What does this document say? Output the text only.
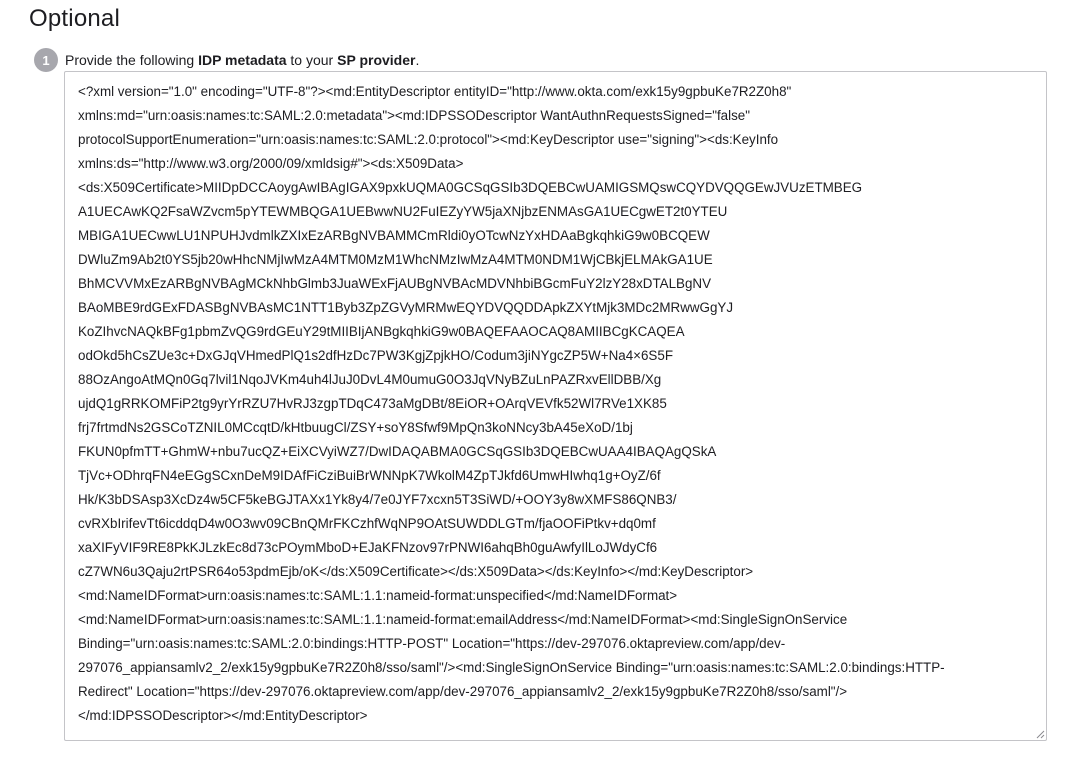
Optional
1	Provide the following IDP metadata to your SP provider.
<?xml version="1.0" encoding="UTF-8"?><md:EntityDescriptor entityID="http://www.okta.com/exk15y9gpbuKe7R2Z0h8"
xmlns:md="urn:oasis:names:tc:SAML:2.0:metadata"><md:IDPSSODescriptor WantAuthnRequestsSigned="false"
protocolSupportEnumeration="urn:oasis:names:tc:SAML:2.0:protocol"><md:KeyDescriptor use="signing"><ds:KeyInfo
xmlns:ds="http://www.w3.org/2000/09/xmldsig#"><ds:X509Data>
<ds:X509Certificate>MIIDpDCCAoygAwIBAgIGAX9pxkUQMA0GCSqGSIb3DQEBCwUAMIGSMQswCQYDVQQGEwJVUzETMBEG
A1UECAwKQ2FsaWZvcm5pYTEWMBQGA1UEBwwNU2FuIEZyYW5jaXNjbzENMAsGA1UECgwET2t0YTEU
MBIGA1UECwwLU1NPUHJvdmlkZXIxEzARBgNVBAMMCmRldi0yOTcwNzYxHDAaBgkqhkiG9w0BCQEW
DWluZm9Ab2t0YS5jb20wHhcNMjIwMzA4MTM0MzM1WhcNMzIwMzA4MTM0NDM1WjCBkjELMAkGA1UE
BhMCVVMxEzARBgNVBAgMCkNhbGlmb3JuaWExFjAUBgNVBAcMDVNhbiBGcmFuY2lzY28xDTALBgNV
BAoMBE9rdGExFDASBgNVBAsMC1NTT1Byb3ZpZGVyMRMwEQYDVQQDDApkZXYtMjk3MDc2MRwwGgYJ
KoZIhvcNAQkBFg1pbmZvQG9rdGEuY29tMIIBIjANBgkqhkiG9w0BAQEFAAOCAQ8AMIIBCgKCAQEA
odOkd5hCsZUe3c+DxGJqVHmedPlQ1s2dfHzDc7PW3KgjZpjkHO/Codum3jiNYgcZP5W+Na4×6S5F
88OzAngoAtMQn0Gq7lvil1NqoJVKm4uh4lJuJ0DvL4M0umuG0O3JqVNyBZuLnPAZRxvEllDBB/Xg
ujdQ1gRRKOMFiP2tg9yrYrRZU7HvRJ3zgpTDqC473aMgDBt/8EiOR+OArqVEVfk52Wl7RVe1XK85
frj7frtmdNs2GSCoTZNIL0MCcqtD/kHtbuugCl/ZSY+soY8Sfwf9MpQn3koNNcy3bA45eXoD/1bj
FKUN0pfmTT+GhmW+nbu7ucQZ+EiXCVyiWZ7/DwIDAQABMA0GCSqGSIb3DQEBCwUAA4IBAQAgQSkA
TjVc+ODhrqFN4eEGgSCxnDeM9IDAfFiCziBuiBrWNNpK7WkolM4ZpTJkfd6UmwHIwhq1g+OyZ/6f
Hk/K3bDSAsp3XcDz4w5CF5keBGJTAXx1Yk8y4/7e0JYF7xcxn5T3SiWD/+OOY3y8wXMFS86QNB3/
cvRXbIrifevTt6icddqD4w0O3wv09CBnQMrFKCzhfWqNP9OAtSUWDDLGTm/fjaOOFiPtkv+dq0mf
xaXIFyVIF9RE8PkKJLzkEc8d73cPOymMboD+EJaKFNzov97rPNWI6ahqBh0guAwfyIlLoJWdyCf6
cZ7WN6u3Qaju2rtPSR64o53pdmEjb/oK</ds:X509Certificate></ds:X509Data></ds:KeyInfo></md:KeyDescriptor>
<md:NameIDFormat>urn:oasis:names:tc:SAML:1.1:nameid-format:unspecified</md:NameIDFormat>
<md:NameIDFormat>urn:oasis:names:tc:SAML:1.1:nameid-format:emailAddress</md:NameIDFormat><md:SingleSignOnService
Binding="urn:oasis:names:tc:SAML:2.0:bindings:HTTP-POST" Location="https://dev-297076.oktapreview.com/app/dev-
297076_appiansamlv2_2/exk15y9gpbuKe7R2Z0h8/sso/saml"/><md:SingleSignOnService Binding="urn:oasis:names:tc:SAML:2.0:bindings:HTTP-
Redirect" Location="https://dev-297076.oktapreview.com/app/dev-297076_appiansamlv2_2/exk15y9gpbuKe7R2Z0h8/sso/saml"/>
</md:IDPSSODescriptor></md:EntityDescriptor>
